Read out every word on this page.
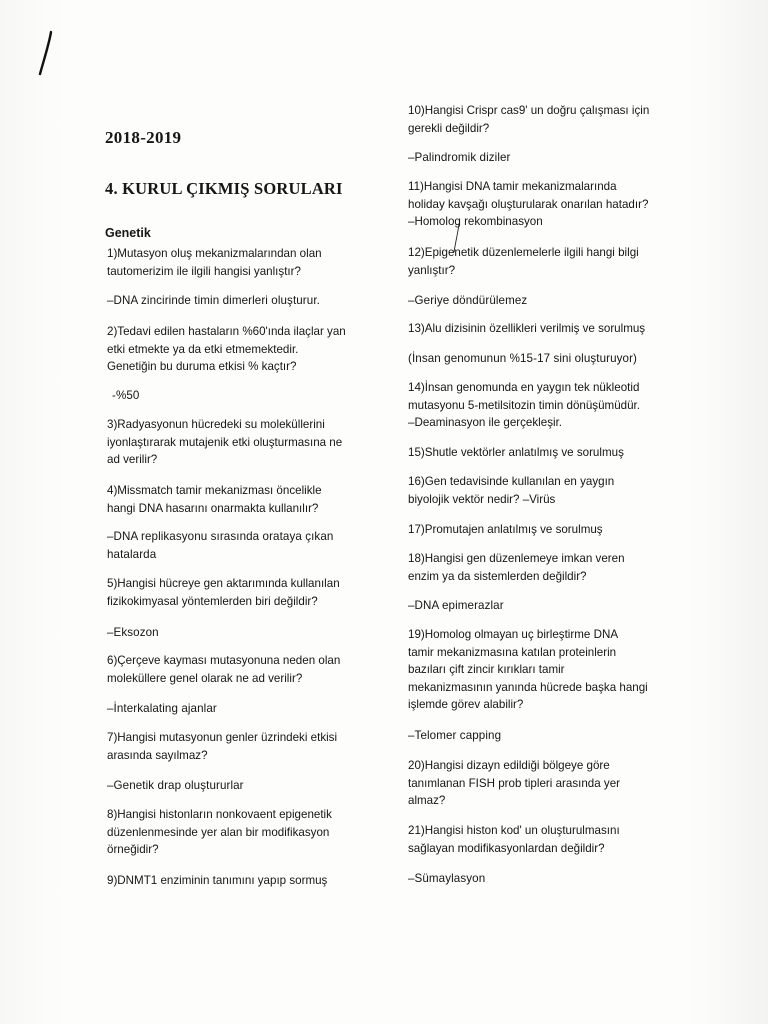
2018-2019
4. KURUL ÇIKMIŞ SORULARI
Genetik
1)Mutasyon oluş mekanizmalarından olan
tautomerizim ile ilgili hangisi yanlıştır?
–DNA zincirinde timin dimerleri oluşturur.
2)Tedavi edilen hastaların %60'ında ilaçlar yan
etki etmekte ya da etki etmemektedir.
Genetiğin bu duruma etkisi % kaçtır?
-%50
3)Radyasyonun hücredeki su moleküllerini
iyonlaştırarak mutajenik etki oluşturmasına ne
ad verilir?
4)Missmatch tamir mekanizması öncelikle
hangi DNA hasarını onarmakta kullanılır?
–DNA replikasyonu sırasında orataya çıkan
hatalarda
5)Hangisi hücreye gen aktarımında kullanılan
fizikokimyasal yöntemlerden biri değildir?
–Eksozon
6)Çerçeve kayması mutasyonuna neden olan
moleküllere genel olarak ne ad verilir?
–İnterkalating ajanlar
7)Hangisi mutasyonun genler üzrindeki etkisi
arasında sayılmaz?
–Genetik drap oluştururlar
8)Hangisi histonların nonkovaent epigenetik
düzenlenmesinde yer alan bir modifikasyon
örneğidir?
9)DNMT1 enziminin tanımını yapıp sormuş
10)Hangisi Crispr cas9' un doğru çalışması için
gerekli değildir?
–Palindromik diziler
11)Hangisi DNA tamir mekanizmalarında
holiday kavşağı oluşturularak onarılan hatadır?
–Homolog rekombinasyon
12)Epigenetik düzenlemelerle ilgili hangi bilgi
yanlıştır?
–Geriye döndürülemez
13)Alu dizisinin özellikleri verilmiş ve sorulmuş
(İnsan genomunun %15-17 sini oluşturuyor)
14)İnsan genomunda en yaygın tek nükleotid
mutasyonu 5-metilsitozin timin dönüşümüdür.
–Deaminasyon ile gerçekleşir.
15)Shutle vektörler anlatılmış ve sorulmuş
16)Gen tedavisinde kullanılan en yaygın
biyolojik vektör nedir? –Virüs
17)Promutajen anlatılmış ve sorulmuş
18)Hangisi gen düzenlemeye imkan veren
enzim ya da sistemlerden değildir?
–DNA epimerazlar
19)Homolog olmayan uç birleştirme DNA
tamir mekanizmasına katılan proteinlerin
bazıları çift zincir kırıkları tamir
mekanizmasının yanında hücrede başka hangi
işlemde görev alabilir?
–Telomer capping
20)Hangisi dizayn edildiği bölgeye göre
tanımlanan FISH prob tipleri arasında yer
almaz?
21)Hangisi histon kod' un oluşturulmasını
sağlayan modifikasyonlardan değildir?
–Sümaylasyon
